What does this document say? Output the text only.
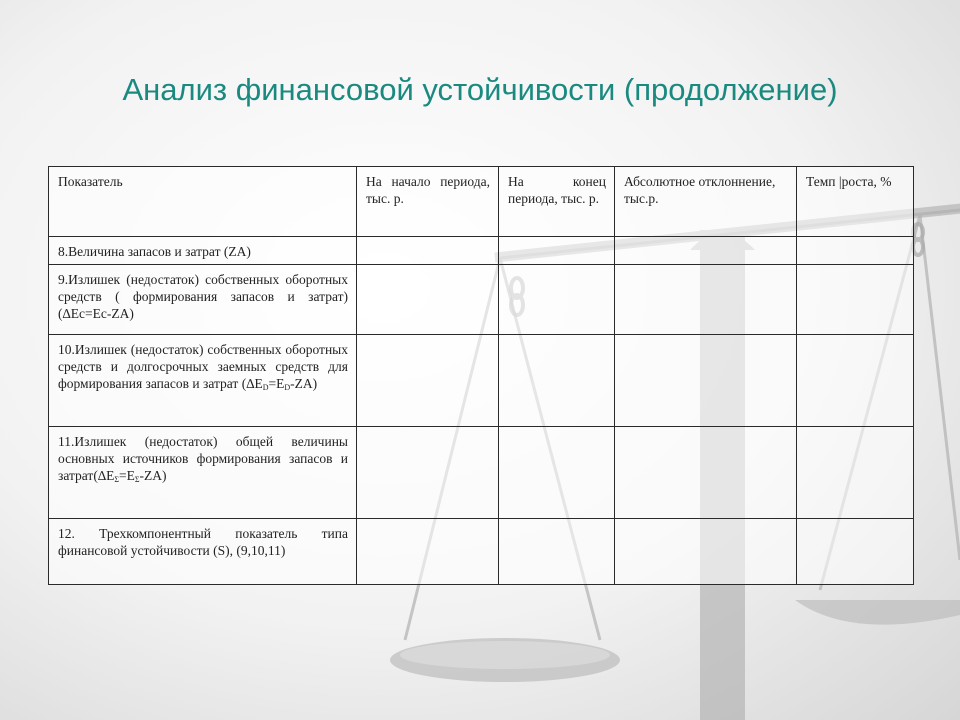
Анализ финансовой устойчивости (продолжение)
Показатель	На начало периода, тыс. р.	На конец периода, тыс. р.	Абсолютное отклоннение, тыс.р.	Темп |роста, %
8.Величина запасов и затрат (ZA)				
9.Излишек (недостаток) собственных оборотных средств ( формирования запасов и затрат) (∆Ес=Ес-ZA)				
10.Излишек (недостаток) собственных оборотных средств и долгосрочных заемных средств для формирования запасов и затрат $(\Delta Е_D=Е_D-ZA)$				
11.Излишек (недостаток) общей величины основных источников формирования запасов и $затрат(\Delta Е_\Sigma=Е_\Sigma-ZA)$				
12. Трехкомпонентный показатель типа финансовой устойчивости (S), (9,10,11)				
